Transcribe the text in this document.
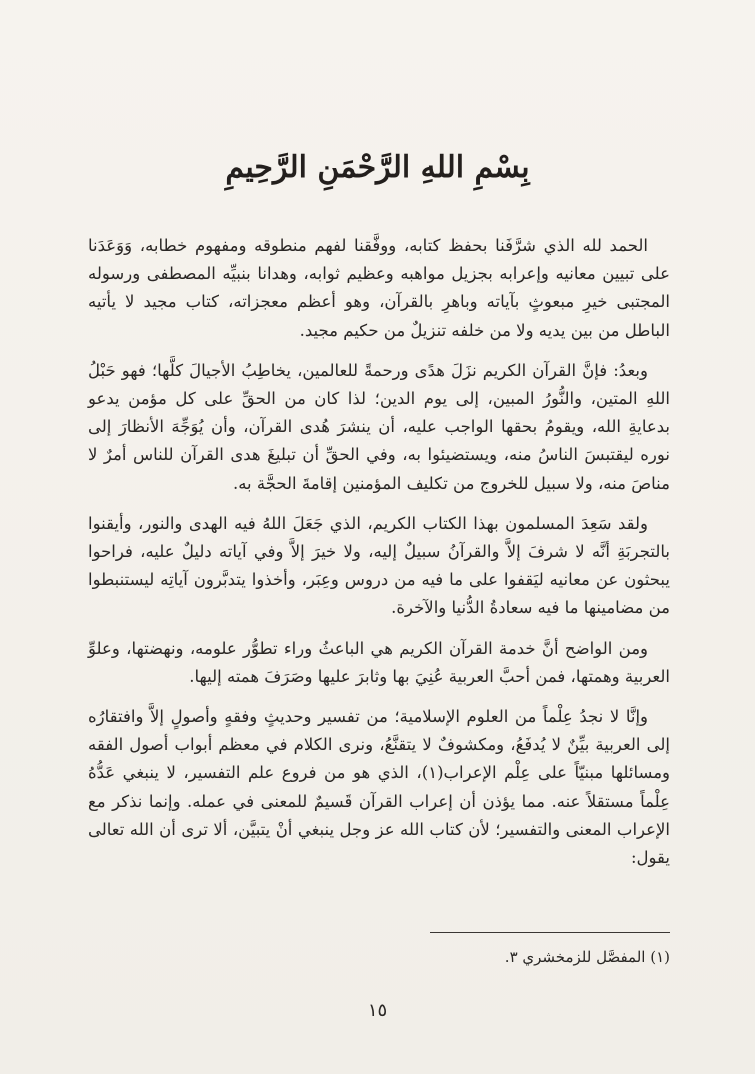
بِسْمِ اللهِ الرَّحْمَنِ الرَّحِيمِ

الحمد لله الذي شرَّفَنا بحفظ كتابه، ووفَّقنا لفهم منطوقه ومفهوم خطابه، وَوَعَدَنا على تبيين معانيه وإعرابه بجزيل مواهبه وعظيم ثوابه، وهدانا بنبيِّه المصطفى ورسوله المجتبى خيرِ مبعوثٍ بآياته وباهرِ بالقرآن، وهو أعظم معجزاته، كتاب مجيد لا يأتيه الباطل من بين يديه ولا من خلفه تنزيلٌ من حكيم مجيد.

وبعدُ: فإنَّ القرآن الكريم نزَلَ هدًى ورحمةً للعالمين، يخاطِبُ الأجيالَ كلَّها؛ فهو حَبْلُ اللهِ المتين، والنُّورُ المبين، إلى يوم الدين؛ لذا كان من الحقِّ على كل مؤمن يدعو بدعايةِ الله، ويقومُ بحقها الواجب عليه، أن ينشرَ هُدى القرآن، وأن يُوَجِّهَ الأنظارَ إلى نوره ليقتبسَ الناسُ منه، ويستضيئوا به، وفي الحقِّ أن تبليغَ هدى القرآن للناس أمرٌ لا مناصَ منه، ولا سبيل للخروج من تكليف المؤمنين إقامةَ الحجَّة به.

ولقد سَعِدَ المسلمون بهذا الكتاب الكريم، الذي جَعَلَ اللهُ فيه الهدى والنور، وأيقنوا بالتجربَةِ أنَّه لا شرفَ إلاَّ والقرآنُ سبيلٌ إليه، ولا خيرَ إلاَّ وفي آياته دليلٌ عليه، فراحوا يبحثون عن معانيه ليَقفوا على ما فيه من دروس وعِبَر، وأخذوا يتدبَّرون آياتِه ليستنبطوا من مضامينها ما فيه سعادةُ الدُّنيا والآخرة.

ومن الواضح أنَّ خدمة القرآن الكريم هي الباعثُ وراء تطوُّر علومه، ونهضتها، وعلوِّ العربية وهمتها، فمن أحبَّ العربية عُنِيَ بها وثابرَ عليها وصَرَفَ همته إليها.

وإنَّا لا نجدُ عِلْماً من العلوم الإسلامية؛ من تفسير وحديثٍ وفقهٍ وأصولٍ إلاَّ وافتقارُه إلى العربية بيِّنٌ لا يُدفَعُ، ومكشوفٌ لا يتقنَّعُ، ونرى الكلام في معظم أبواب أصول الفقه ومسائلها مبنيّاً على عِلْم الإعراب(١)، الذي هو من فروع علم التفسير، لا ينبغي عَدُّهُ عِلْماً مستقلاً عنه. مما يؤذن أن إعراب القرآن قَسيمٌ للمعنى في عمله. وإنما نذكر مع الإعراب المعنى والتفسير؛ لأن كتاب الله عز وجل ينبغي أنْ يتبيَّن، ألا ترى أن الله تعالى يقول:

(١) المفصَّل للزمخشري ٣.
١٥
